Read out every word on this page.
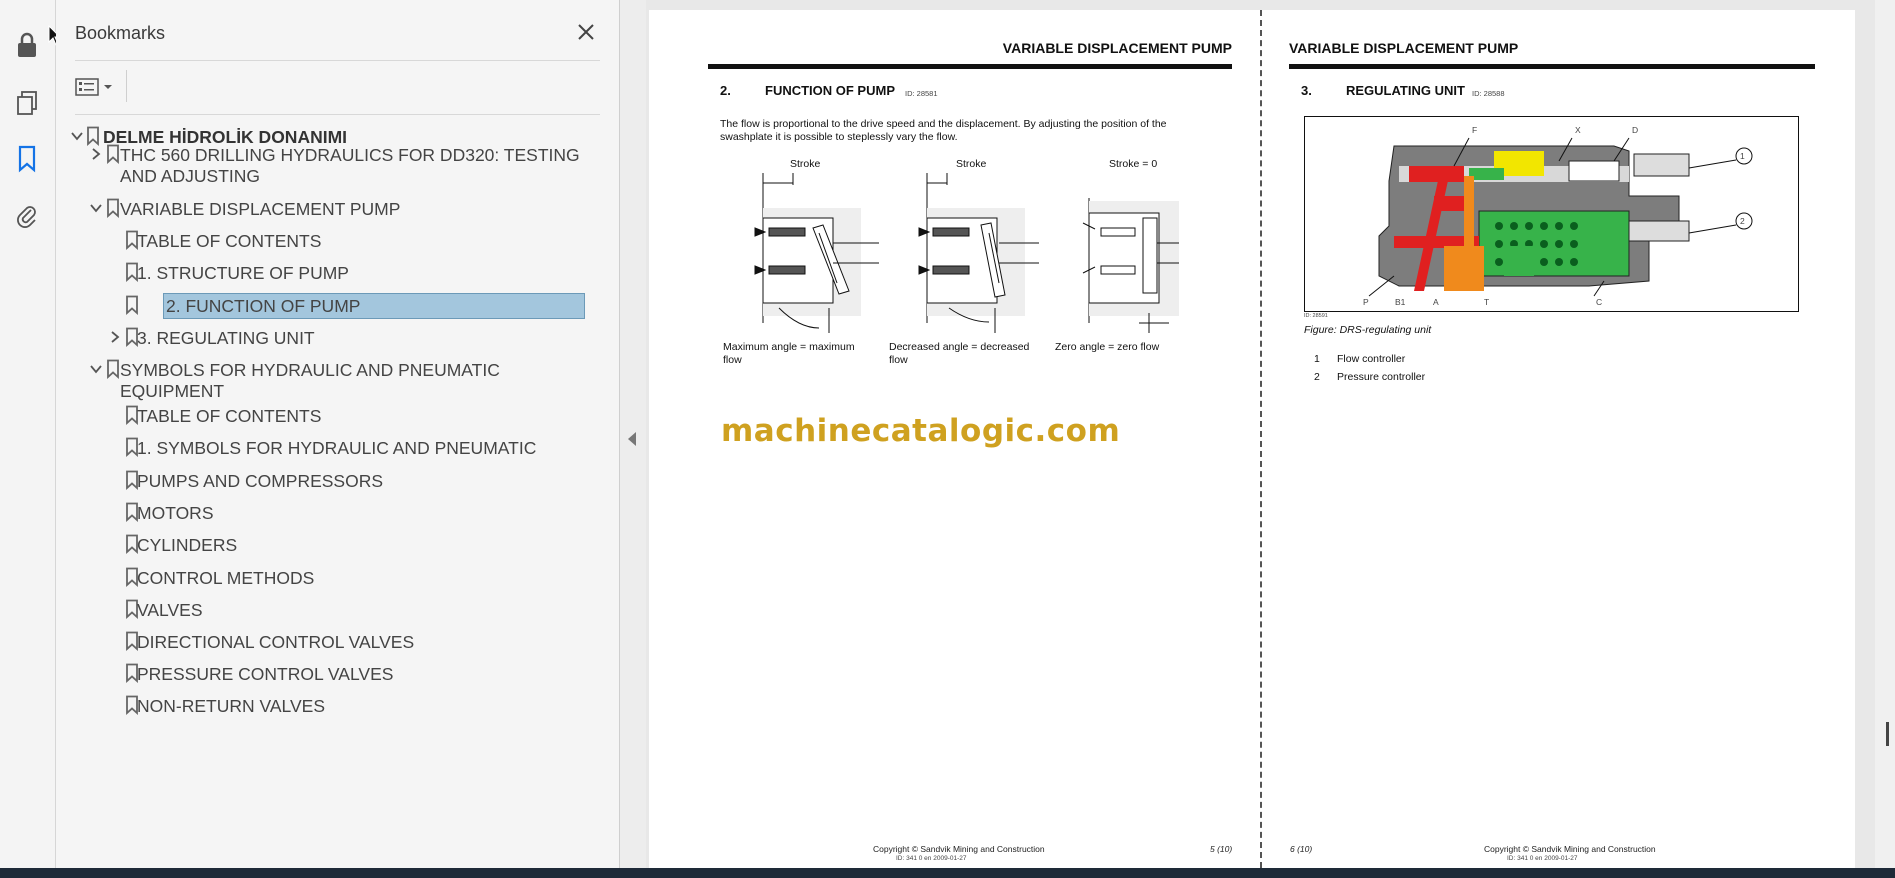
Bookmarks
DELME HİDROLİK DONANIMI
THC 560 DRILLING HYDRAULICS FOR DD320: TESTING
AND ADJUSTING
VARIABLE DISPLACEMENT PUMP
TABLE OF CONTENTS
1. STRUCTURE OF PUMP
2. FUNCTION OF PUMP
3. REGULATING UNIT
SYMBOLS FOR HYDRAULIC AND PNEUMATIC
EQUIPMENT
TABLE OF CONTENTS
1. SYMBOLS FOR HYDRAULIC AND PNEUMATIC
PUMPS AND COMPRESSORS
MOTORS
CYLINDERS
CONTROL METHODS
VALVES
DIRECTIONAL CONTROL VALVES
PRESSURE CONTROL VALVES
NON-RETURN VALVES
VARIABLE DISPLACEMENT PUMP
2.	FUNCTION OF PUMP ID: 28581
The flow is proportional to the drive speed and the displacement. By adjusting the position of the
swashplate it is possible to steplessly vary the flow.
Stroke	Stroke	Stroke = 0
Maximum angle = maximum
flow
Decreased angle = decreased
flow
Zero angle = zero flow
Copyright © Sandvik Mining and Construction
ID: 341 0 en 2009-01-27
5 (10)
VARIABLE DISPLACEMENT PUMP
3.	REGULATING UNIT ID: 28588
F	X	D
1
2
P	B1	A	T	C
ID: 28591
Figure: DRS-regulating unit
1 Flow controller
2 Pressure controller
6 (10)	Copyright © Sandvik Mining and Construction
ID: 341 0 en 2009-01-27
machinecatalogic.com
